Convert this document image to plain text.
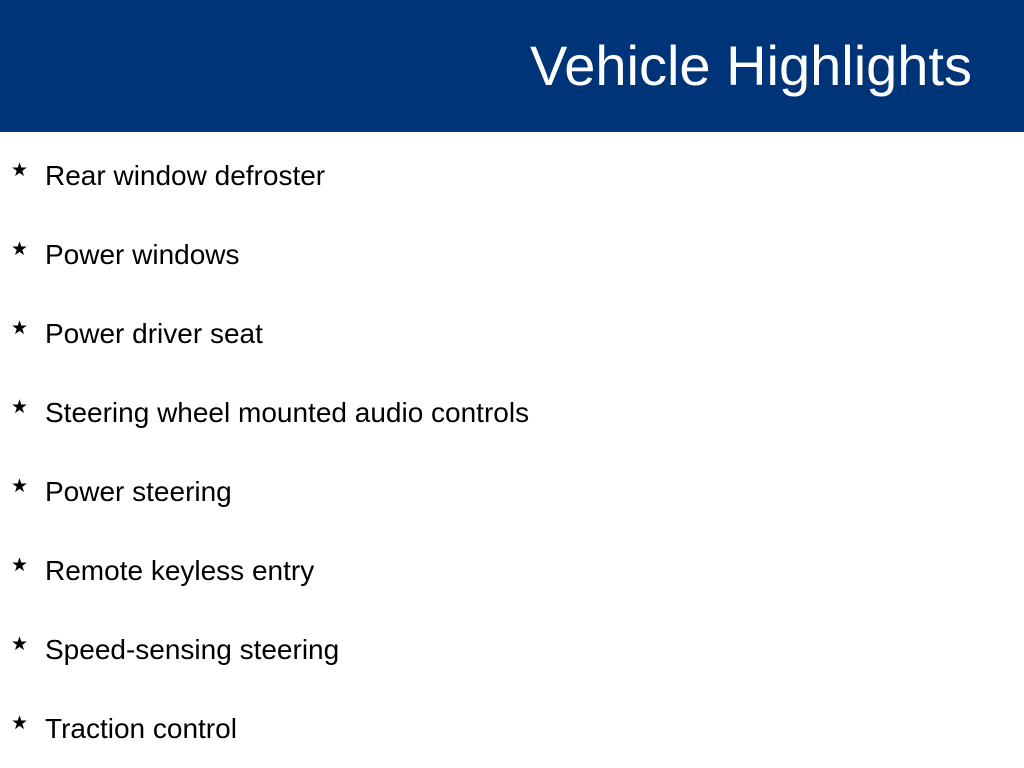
Vehicle Highlights
★ Rear window defroster
★ Power windows
★ Power driver seat
★ Steering wheel mounted audio controls
★ Power steering
★ Remote keyless entry
★ Speed-sensing steering
★ Traction control
